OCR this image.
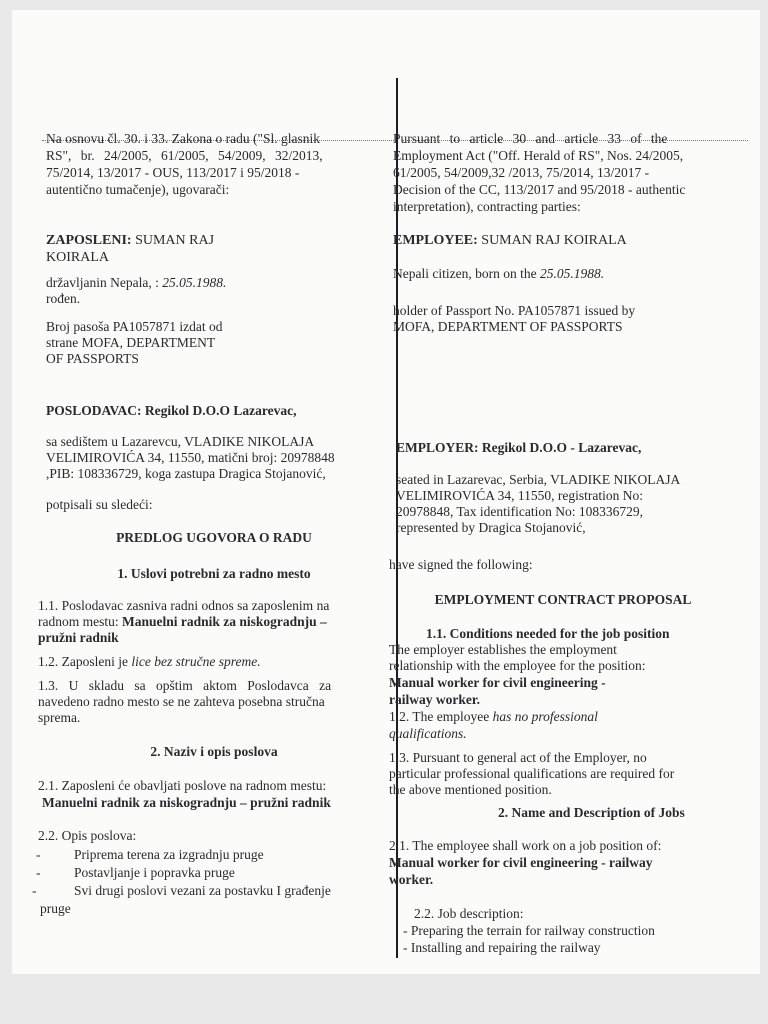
Na osnovu čl. 30. i 33. Zakona o radu ("Sl. glasnik
RS", br. 24/2005, 61/2005, 54/2009, 32/2013,
75/2014, 13/2017 - OUS, 113/2017 i 95/2018 -
autentično tumačenje), ugovarači:
ZAPOSLENI: SUMAN RAJ
KOIRALA
državljanin Nepala, : 25.05.1988.
rođen.
Broj pasoša PA1057871 izdat od
strane MOFA, DEPARTMENT
OF PASSPORTS
POSLODAVAC: Regikol D.O.O Lazarevac,
sa sedištem u Lazarevcu, VLADIKE NIKOLAJA
VELIMIROVIĆA 34, 11550, matični broj: 20978848
,PIB: 108336729, koga zastupa Dragica Stojanović,
potpisali su sledeći:
PREDLOG UGOVORA O RADU
1. Uslovi potrebni za radno mesto
1.1. Poslodavac zasniva radni odnos sa zaposlenim na
radnom mestu: Manuelni radnik za niskogradnju –
pružni radnik
1.2. Zaposleni je lice bez stručne spreme.
1.3. U skladu sa opštim aktom Poslodavca za
navedeno radno mesto se ne zahteva posebna stručna
sprema.
2. Naziv i opis poslova
2.1. Zaposleni će obavljati poslove na radnom mestu:
Manuelni radnik za niskogradnju – pružni radnik
2.2. Opis poslova:
- Priprema terena za izgradnju pruge
- Postavljanje i popravka pruge
-	Svi drugi poslovi vezani za postavku I građenje
pruge
Pursuant to article 30 and article 33 of the
Employment Act ("Off. Herald of RS", Nos. 24/2005,
61/2005, 54/2009,32 /2013, 75/2014, 13/2017 -
Decision of the CC, 113/2017 and 95/2018 - authentic
interpretation), contracting parties:
EMPLOYEE: SUMAN RAJ KOIRALA
Nepali citizen, born on the 25.05.1988.
holder of Passport No. PA1057871 issued by
MOFA, DEPARTMENT OF PASSPORTS
EMPLOYER: Regikol D.O.O - Lazarevac,
seated in Lazarevac, Serbia, VLADIKE NIKOLAJA
VELIMIROVIĆA 34, 11550, registration No:
20978848, Tax identification No: 108336729,
represented by Dragica Stojanović,
have signed the following:
EMPLOYMENT CONTRACT PROPOSAL
1.1. Conditions needed for the job position
The employer establishes the employment
relationship with the employee for the position:
Manual worker for civil engineering -
railway worker.
1.2. The employee has no professional
qualifications.
1.3. Pursuant to general act of the Employer, no
particular professional qualifications are required for
the above mentioned position.
2. Name and Description of Jobs
2.1. The employee shall work on a job position of:
Manual worker for civil engineering - railway
worker.
2.2. Job description:
- Preparing the terrain for railway construction
- Installing and repairing the railway
